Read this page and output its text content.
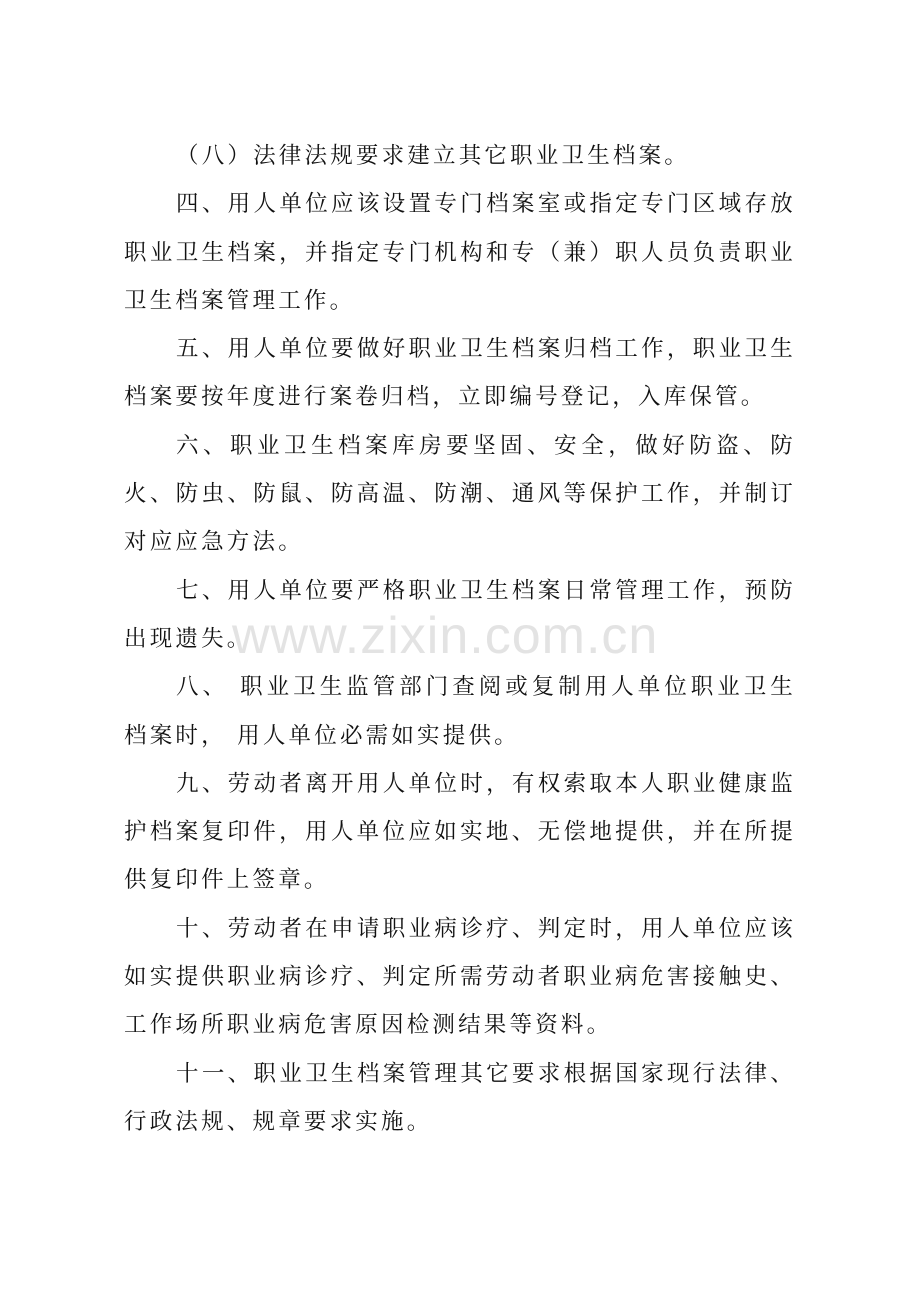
（八）法律法规要求建立其它职业卫生档案。

四、用人单位应该设置专门档案室或指定专门区域存放职业卫生档案，并指定专门机构和专（兼）职人员负责职业卫生档案管理工作。

五、用人单位要做好职业卫生档案归档工作，职业卫生档案要按年度进行案卷归档，立即编号登记，入库保管。

六、职业卫生档案库房要坚固、安全，做好防盗、防火、防虫、防鼠、防高温、防潮、通风等保护工作，并制订对应应急方法。

七、用人单位要严格职业卫生档案日常管理工作，预防出现遗失。

八、 职业卫生监管部门查阅或复制用人单位职业卫生档案时， 用人单位必需如实提供。

九、劳动者离开用人单位时，有权索取本人职业健康监护档案复印件，用人单位应如实地、无偿地提供，并在所提供复印件上签章。

十、劳动者在申请职业病诊疗、判定时，用人单位应该如实提供职业病诊疗、判定所需劳动者职业病危害接触史、工作场所职业病危害原因检测结果等资料。

十一、职业卫生档案管理其它要求根据国家现行法律、行政法规、规章要求实施。

www.zixin.com.cn
